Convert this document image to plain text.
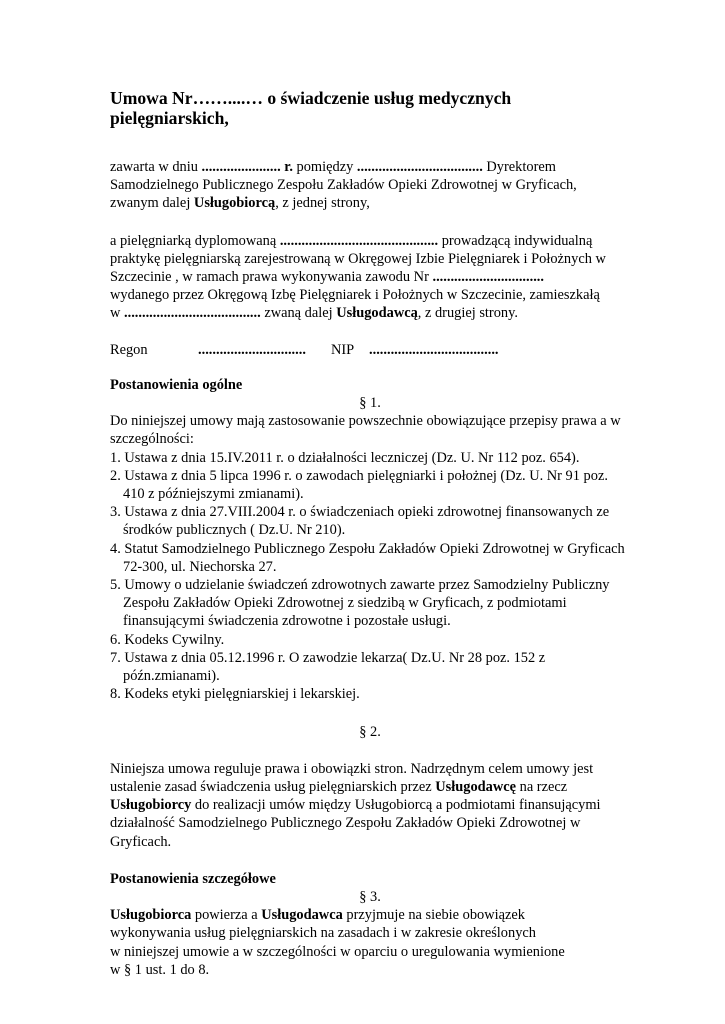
Umowa Nr……....… o świadczenie usług medycznych
pielęgniarskich,

zawarta w dniu ...................... r. pomiędzy ................................... Dyrektorem
Samodzielnego Publicznego Zespołu Zakładów Opieki Zdrowotnej w Gryficach,
zwanym dalej Usługobiorcą, z jednej strony,

a pielęgniarką dyplomowaną ............................................ prowadzącą indywidualną
praktykę pielęgniarską zarejestrowaną w Okręgowej Izbie Pielęgniarek i Położnych w
Szczecinie , w ramach prawa wykonywania zawodu Nr ...............................
wydanego przez Okręgową Izbę Pielęgniarek i Położnych w Szczecinie, zamieszkałą
w ...................................... zwaną dalej Usługodawcą, z drugiej strony.

Regon	..............................	NIP	....................................

Postanowienia ogólne

§ 1.

Do niniejszej umowy mają zastosowanie powszechnie obowiązujące przepisy prawa a w szczególności:

1. Ustawa z dnia 15.IV.2011 r. o działalności leczniczej (Dz. U. Nr 112 poz. 654).

2. Ustawa z dnia 5 lipca 1996 r. o zawodach pielęgniarki i położnej (Dz. U. Nr 91 poz. 410 z późniejszymi zmianami).

3. Ustawa z dnia 27.VIII.2004 r. o świadczeniach opieki zdrowotnej finansowanych ze środków publicznych ( Dz.U. Nr 210).

4. Statut Samodzielnego Publicznego Zespołu Zakładów Opieki Zdrowotnej w Gryficach 72-300, ul. Niechorska 27.

5. Umowy o udzielanie świadczeń zdrowotnych zawarte przez Samodzielny Publiczny Zespołu Zakładów Opieki Zdrowotnej z siedzibą w Gryficach, z podmiotami finansującymi świadczenia zdrowotne i pozostałe usługi.

6. Kodeks Cywilny.

7. Ustawa z dnia 05.12.1996 r. O zawodzie lekarza( Dz.U. Nr 28 poz. 152 z późn.zmianami).

8. Kodeks etyki pielęgniarskiej i lekarskiej.

§ 2.

Niniejsza umowa reguluje prawa i obowiązki stron. Nadrzędnym celem umowy jest ustalenie zasad świadczenia usług pielęgniarskich przez Usługodawcę na rzecz Usługobiorcy do realizacji umów między Usługobiorcą a podmiotami finansującymi działalność Samodzielnego Publicznego Zespołu Zakładów Opieki Zdrowotnej w Gryficach.

Postanowienia szczegółowe

§ 3.

Usługobiorca powierza a Usługodawca przyjmuje na siebie obowiązek
wykonywania usług pielęgniarskich na zasadach i w zakresie określonych
w niniejszej umowie a w szczególności w oparciu o uregulowania wymienione
w § 1 ust. 1 do 8.
